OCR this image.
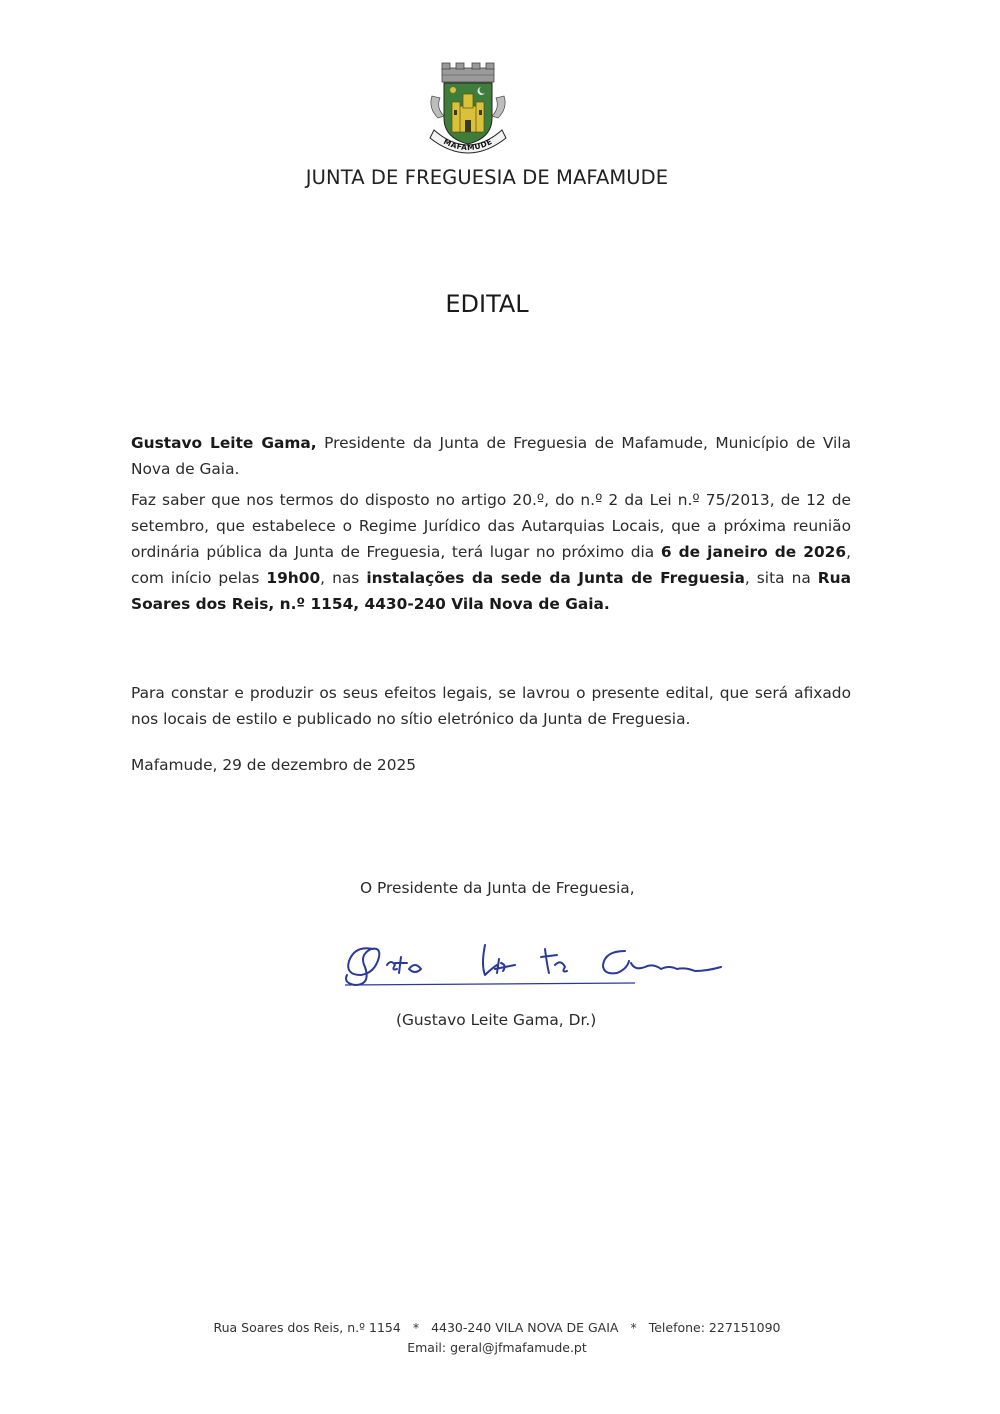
MAFAMUDE
JUNTA DE FREGUESIA DE MAFAMUDE
EDITAL
Gustavo Leite Gama, Presidente da Junta de Freguesia de Mafamude, Município de Vila Nova de Gaia.
Faz saber que nos termos do disposto no artigo 20.º, do n.º 2 da Lei n.º 75/2013, de 12 de setembro, que estabelece o Regime Jurídico das Autarquias Locais, que a próxima reunião ordinária pública da Junta de Freguesia, terá lugar no próximo dia 6 de janeiro de 2026, com início pelas 19h00, nas instalações da sede da Junta de Freguesia, sita na Rua Soares dos Reis, n.º 1154, 4430-240 Vila Nova de Gaia.
Para constar e produzir os seus efeitos legais, se lavrou o presente edital, que será afixado nos locais de estilo e publicado no sítio eletrónico da Junta de Freguesia.
Mafamude, 29 de dezembro de 2025
O Presidente da Junta de Freguesia,
(Gustavo Leite Gama, Dr.)
Rua Soares dos Reis, n.º 1154 * 4430-240 VILA NOVA DE GAIA * Telefone: 227151090
Email: geral@jfmafamude.pt
